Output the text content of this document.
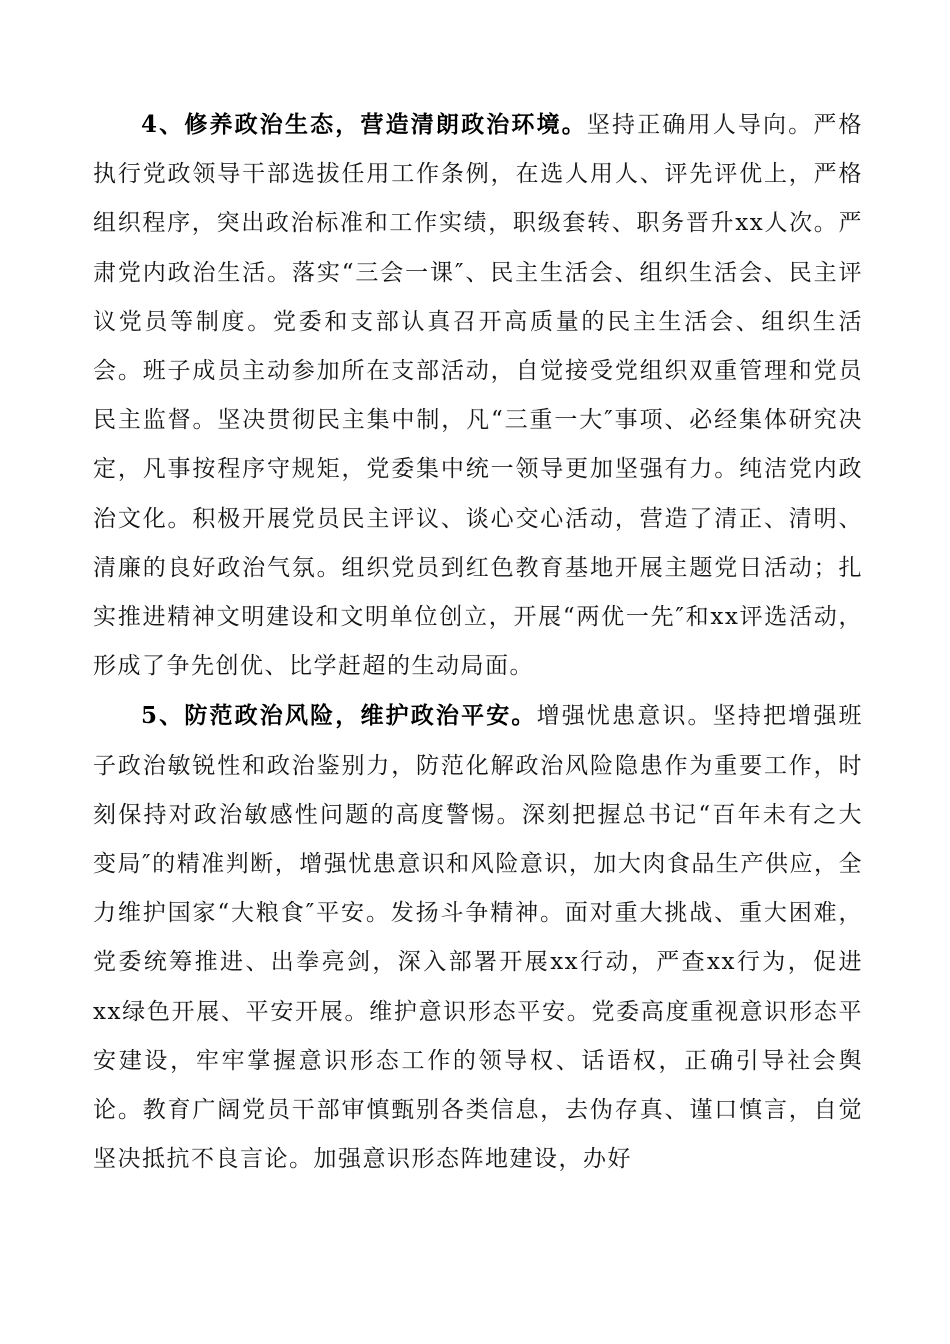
4、修养政治生态，营造清朗政治环境。坚持正确用人导向。严格执行党政领导干部选拔任用工作条例，在选人用人、评先评优上，严格组织程序，突出政治标准和工作实绩，职级套转、职务晋升xx人次。严肃党内政治生活。落实“三会一课″、民主生活会、组织生活会、民主评议党员等制度。党委和支部认真召开高质量的民主生活会、组织生活会。班子成员主动参加所在支部活动，自觉接受党组织双重管理和党员民主监督。坚决贯彻民主集中制，凡“三重一大″事项、必经集体研究决定，凡事按程序守规矩，党委集中统一领导更加坚强有力。纯洁党内政治文化。积极开展党员民主评议、谈心交心活动，营造了清正、清明、清廉的良好政治气氛。组织党员到红色教育基地开展主题党日活动；扎实推进精神文明建设和文明单位创立，开展“两优一先″和xx评选活动，形成了争先创优、比学赶超的生动局面。

5、防范政治风险，维护政治平安。增强忧患意识。坚持把增强班子政治敏锐性和政治鉴别力，防范化解政治风险隐患作为重要工作，时刻保持对政治敏感性问题的高度警惕。深刻把握总书记“百年未有之大变局″的精准判断，增强忧患意识和风险意识，加大肉食品生产供应，全力维护国家“大粮食″平安。发扬斗争精神。面对重大挑战、重大困难，党委统筹推进、出拳亮剑，深入部署开展xx行动，严查xx行为，促进xx绿色开展、平安开展。维护意识形态平安。党委高度重视意识形态平安建设，牢牢掌握意识形态工作的领导权、话语权，正确引导社会舆论。教育广阔党员干部审慎甄别各类信息，去伪存真、谨口慎言，自觉坚决抵抗不良言论。加强意识形态阵地建设，办好
